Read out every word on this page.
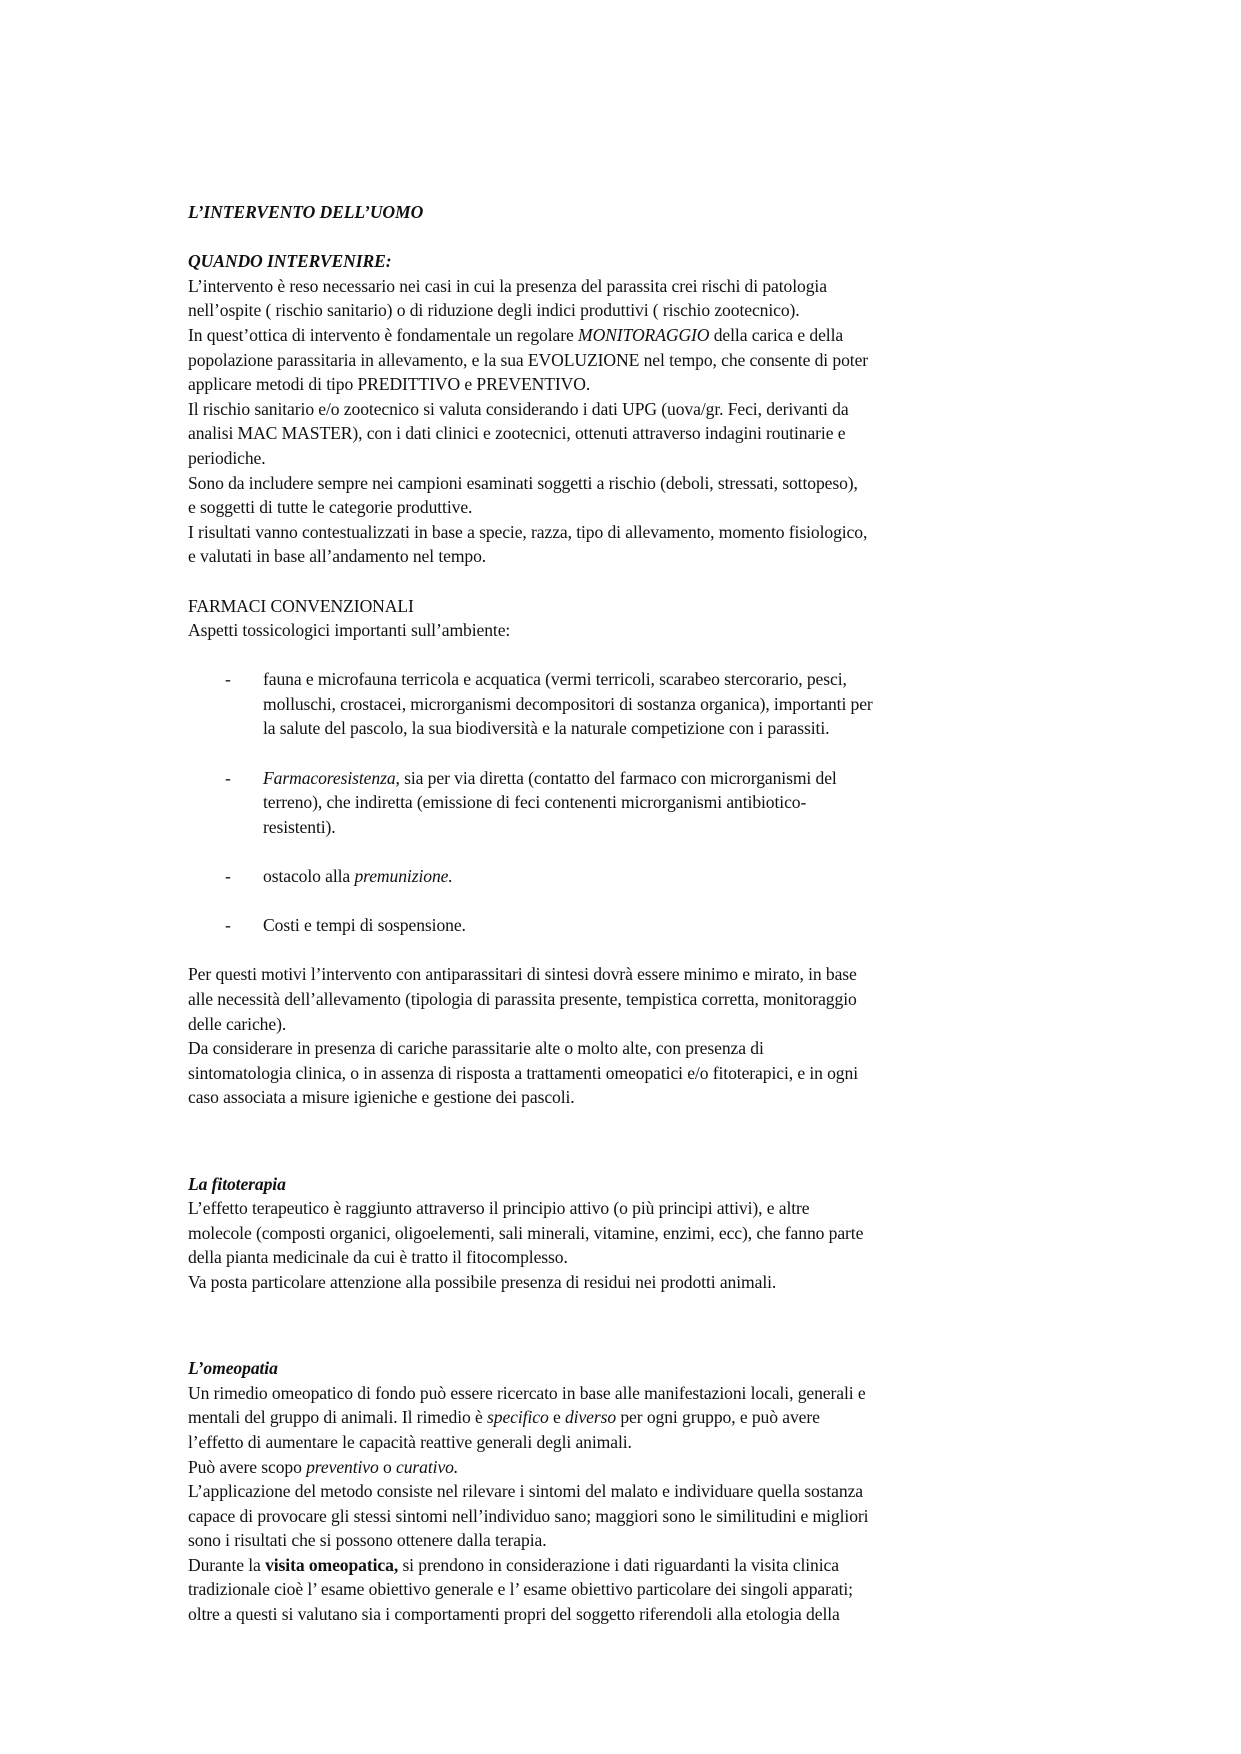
L’INTERVENTO DELL’UOMO
QUANDO INTERVENIRE:
L’intervento è reso necessario nei casi in cui la presenza del parassita crei rischi di patologia
nell’ospite ( rischio sanitario) o di riduzione degli indici produttivi ( rischio zootecnico).
In quest’ottica di intervento è fondamentale un regolare MONITORAGGIO della carica e della
popolazione parassitaria in allevamento, e la sua EVOLUZIONE nel tempo, che consente di poter
applicare metodi di tipo PREDITTIVO e PREVENTIVO.
Il rischio sanitario e/o zootecnico si valuta considerando i dati UPG (uova/gr. Feci, derivanti da
analisi MAC MASTER), con i dati clinici e zootecnici, ottenuti attraverso indagini routinarie e
periodiche.
Sono da includere sempre nei campioni esaminati soggetti a rischio (deboli, stressati, sottopeso),
e soggetti di tutte le categorie produttive.
I risultati vanno contestualizzati in base a specie, razza, tipo di allevamento, momento fisiologico,
e valutati in base all’andamento nel tempo.
FARMACI CONVENZIONALI
Aspetti tossicologici importanti sull’ambiente:
- fauna e microfauna terricola e acquatica (vermi terricoli, scarabeo stercorario, pesci,
molluschi, crostacei, microrganismi decompositori di sostanza organica), importanti per
la salute del pascolo, la sua biodiversità e la naturale competizione con i parassiti.
- Farmacoresistenza, sia per via diretta (contatto del farmaco con microrganismi del
terreno), che indiretta (emissione di feci contenenti microrganismi antibiotico-
resistenti).
- ostacolo alla premunizione.
- Costi e tempi di sospensione.
Per questi motivi l’intervento con antiparassitari di sintesi dovrà essere minimo e mirato, in base
alle necessità dell’allevamento (tipologia di parassita presente, tempistica corretta, monitoraggio
delle cariche).
Da considerare in presenza di cariche parassitarie alte o molto alte, con presenza di
sintomatologia clinica, o in assenza di risposta a trattamenti omeopatici e/o fitoterapici, e in ogni
caso associata a misure igieniche e gestione dei pascoli.
La fitoterapia
L’effetto terapeutico è raggiunto attraverso il principio attivo (o più principi attivi), e altre
molecole (composti organici, oligoelementi, sali minerali, vitamine, enzimi, ecc), che fanno parte
della pianta medicinale da cui è tratto il fitocomplesso.
Va posta particolare attenzione alla possibile presenza di residui nei prodotti animali.
L’omeopatia
Un rimedio omeopatico di fondo può essere ricercato in base alle manifestazioni locali, generali e
mentali del gruppo di animali. Il rimedio è specifico e diverso per ogni gruppo, e può avere
l’effetto di aumentare le capacità reattive generali degli animali.
Può avere scopo preventivo o curativo.
L’applicazione del metodo consiste nel rilevare i sintomi del malato e individuare quella sostanza
capace di provocare gli stessi sintomi nell’individuo sano; maggiori sono le similitudini e migliori
sono i risultati che si possono ottenere dalla terapia.
Durante la visita omeopatica, si prendono in considerazione i dati riguardanti la visita clinica
tradizionale cioè l’ esame obiettivo generale e l’ esame obiettivo particolare dei singoli apparati;
oltre a questi si valutano sia i comportamenti propri del soggetto riferendoli alla etologia della
